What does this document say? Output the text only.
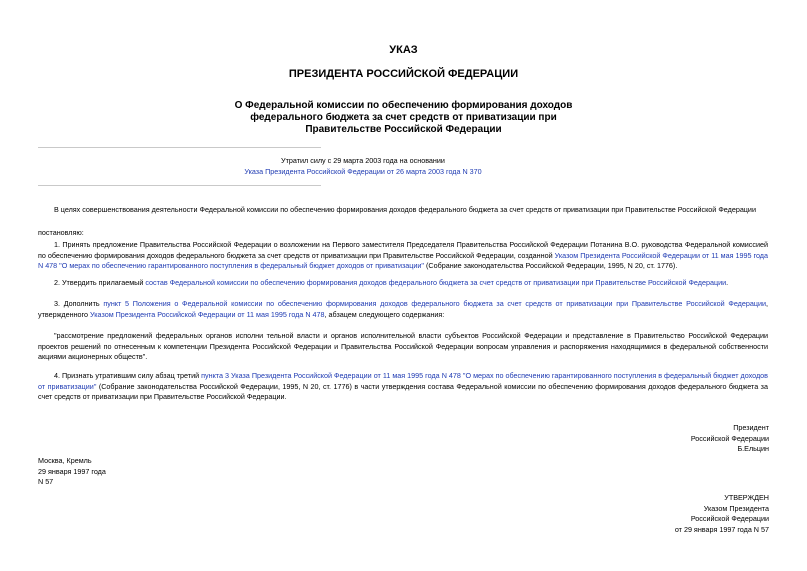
УКАЗ
ПРЕЗИДЕНТА РОССИЙСКОЙ ФЕДЕРАЦИИ
О Федеральной комиссии по обеспечению формирования доходов
федерального бюджета за счет средств от приватизации при
Правительстве Российской Федерации
Утратил силу с 29 марта 2003 года на основании
Указа Президента Российской Федерации от 26 марта 2003 года N 370
В целях совершенствования деятельности Федеральной комиссии по обеспечению формирования доходов федерального бюджета за счет средств от приватизации при Правительстве Российской Федерации
постановляю:
1. Принять предложение Правительства Российской Федерации о возложении на Первого заместителя Председателя Правительства Российской Федерации Потанина В.О. руководства Федеральной комиссией по обеспечению формирования доходов федерального бюджета за счет средств от приватизации при Правительстве Российской Федерации, созданной Указом Президента Российской Федерации от 11 мая 1995 года N 478 "О мерах по обеспечению гарантированного поступления в федеральный бюджет доходов от приватизации" (Собрание законодательства Российской Федерации, 1995, N 20, ст. 1776).
2. Утвердить прилагаемый состав Федеральной комиссии по обеспечению формирования доходов федерального бюджета за счет средств от приватизации при Правительстве Российской Федерации.
3. Дополнить пункт 5 Положения о Федеральной комиссии по обеспечению формирования доходов федерального бюджета за счет средств от приватизации при Правительстве Российской Федерации, утвержденного Указом Президента Российской Федерации от 11 мая 1995 года N 478, абзацем следующего содержания:
"рассмотрение предложений федеральных органов исполни тельной власти и органов исполнительной власти субъектов Российской Федерации и представление в Правительство Российской Федерации проектов решений по отнесенным к компетенции Президента Российской Федерации и Правительства Российской Федерации вопросам управления и распоряжения находящимися в федеральной собственности акциями акционерных обществ".
4. Признать утратившим силу абзац третий пункта 3 Указа Президента Российской Федерации от 11 мая 1995 года N 478 "О мерах по обеспечению гарантированного поступления в федеральный бюджет доходов от приватизации" (Собрание законодательства Российской Федерации, 1995, N 20, ст. 1776) в части утверждения состава Федеральной комиссии по обеспечению формирования доходов федерального бюджета за счет средств от приватизации при Правительстве Российской Федерации.
Президент
Российской Федерации
Б.Ельцин
Москва, Кремль
29 января 1997 года
N 57
УТВЕРЖДЕН
Указом Президента
Российской Федерации
от 29 января 1997 года N 57
